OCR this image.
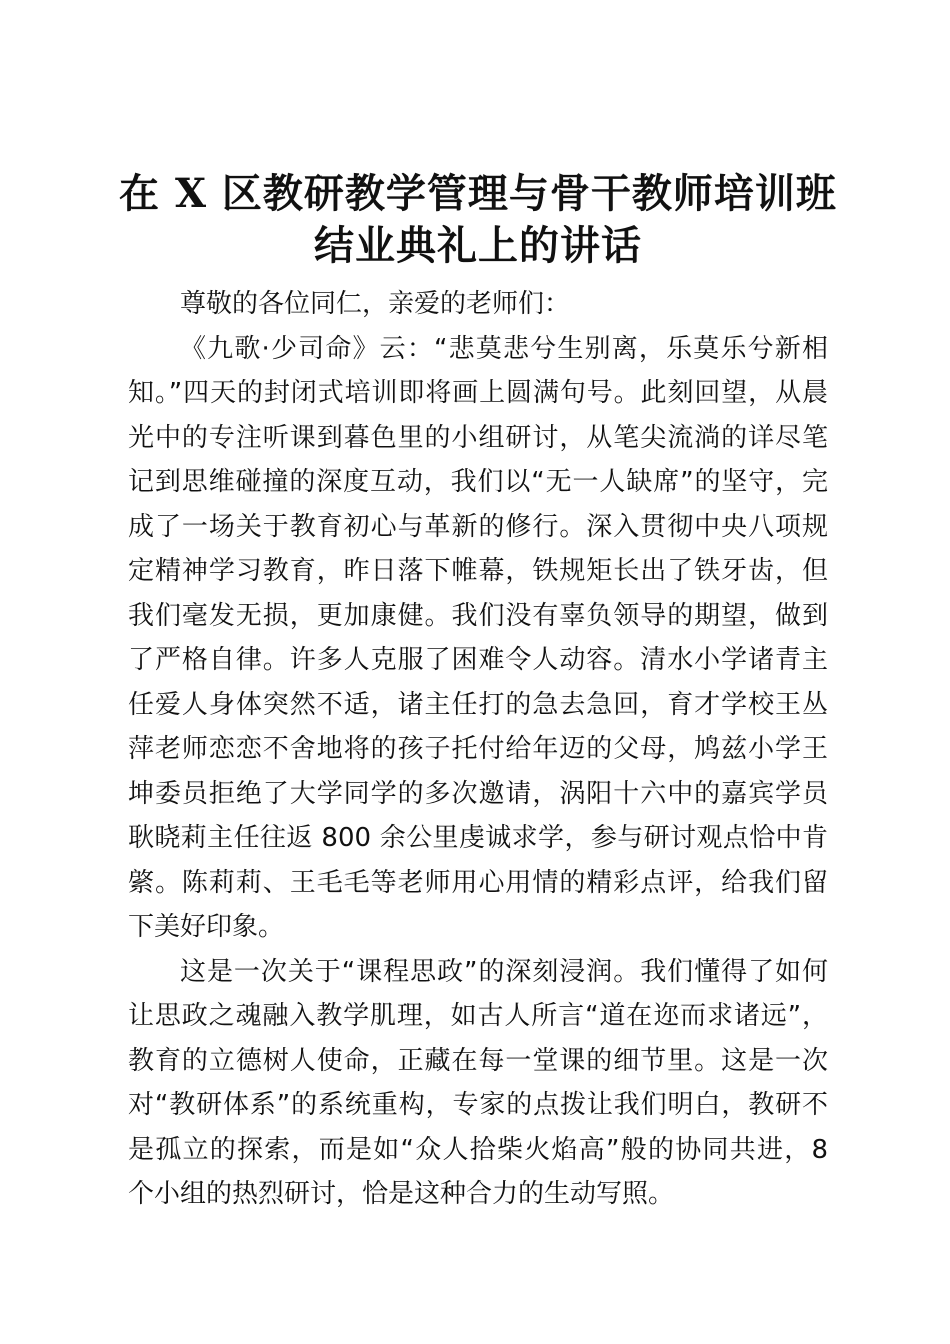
在 X 区教研教学管理与骨干教师培训班
结业典礼上的讲话

尊敬的各位同仁，亲爱的老师们：

《九歌·少司命》云：“悲莫悲兮生别离，乐莫乐兮新相知。”四天的封闭式培训即将画上圆满句号。此刻回望，从晨光中的专注听课到暮色里的小组研讨，从笔尖流淌的详尽笔记到思维碰撞的深度互动，我们以“无一人缺席”的坚守，完成了一场关于教育初心与革新的修行。深入贯彻中央八项规定精神学习教育，昨日落下帷幕，铁规矩长出了铁牙齿，但我们毫发无损，更加康健。我们没有辜负领导的期望，做到了严格自律。许多人克服了困难令人动容。清水小学诸青主任爱人身体突然不适，诸主任打的急去急回，育才学校王丛萍老师恋恋不舍地将的孩子托付给年迈的父母，鸠兹小学王坤委员拒绝了大学同学的多次邀请，涡阳十六中的嘉宾学员耿晓莉主任往返 800 余公里虔诚求学，参与研讨观点恰中肯綮。陈莉莉、王毛毛等老师用心用情的精彩点评，给我们留下美好印象。

这是一次关于“课程思政”的深刻浸润。我们懂得了如何让思政之魂融入教学肌理，如古人所言“道在迩而求诸远”，教育的立德树人使命，正藏在每一堂课的细节里。这是一次对“教研体系”的系统重构，专家的点拨让我们明白，教研不是孤立的探索，而是如“众人拾柴火焰高”般的协同共进，8 个小组的热烈研讨，恰是这种合力的生动写照。
